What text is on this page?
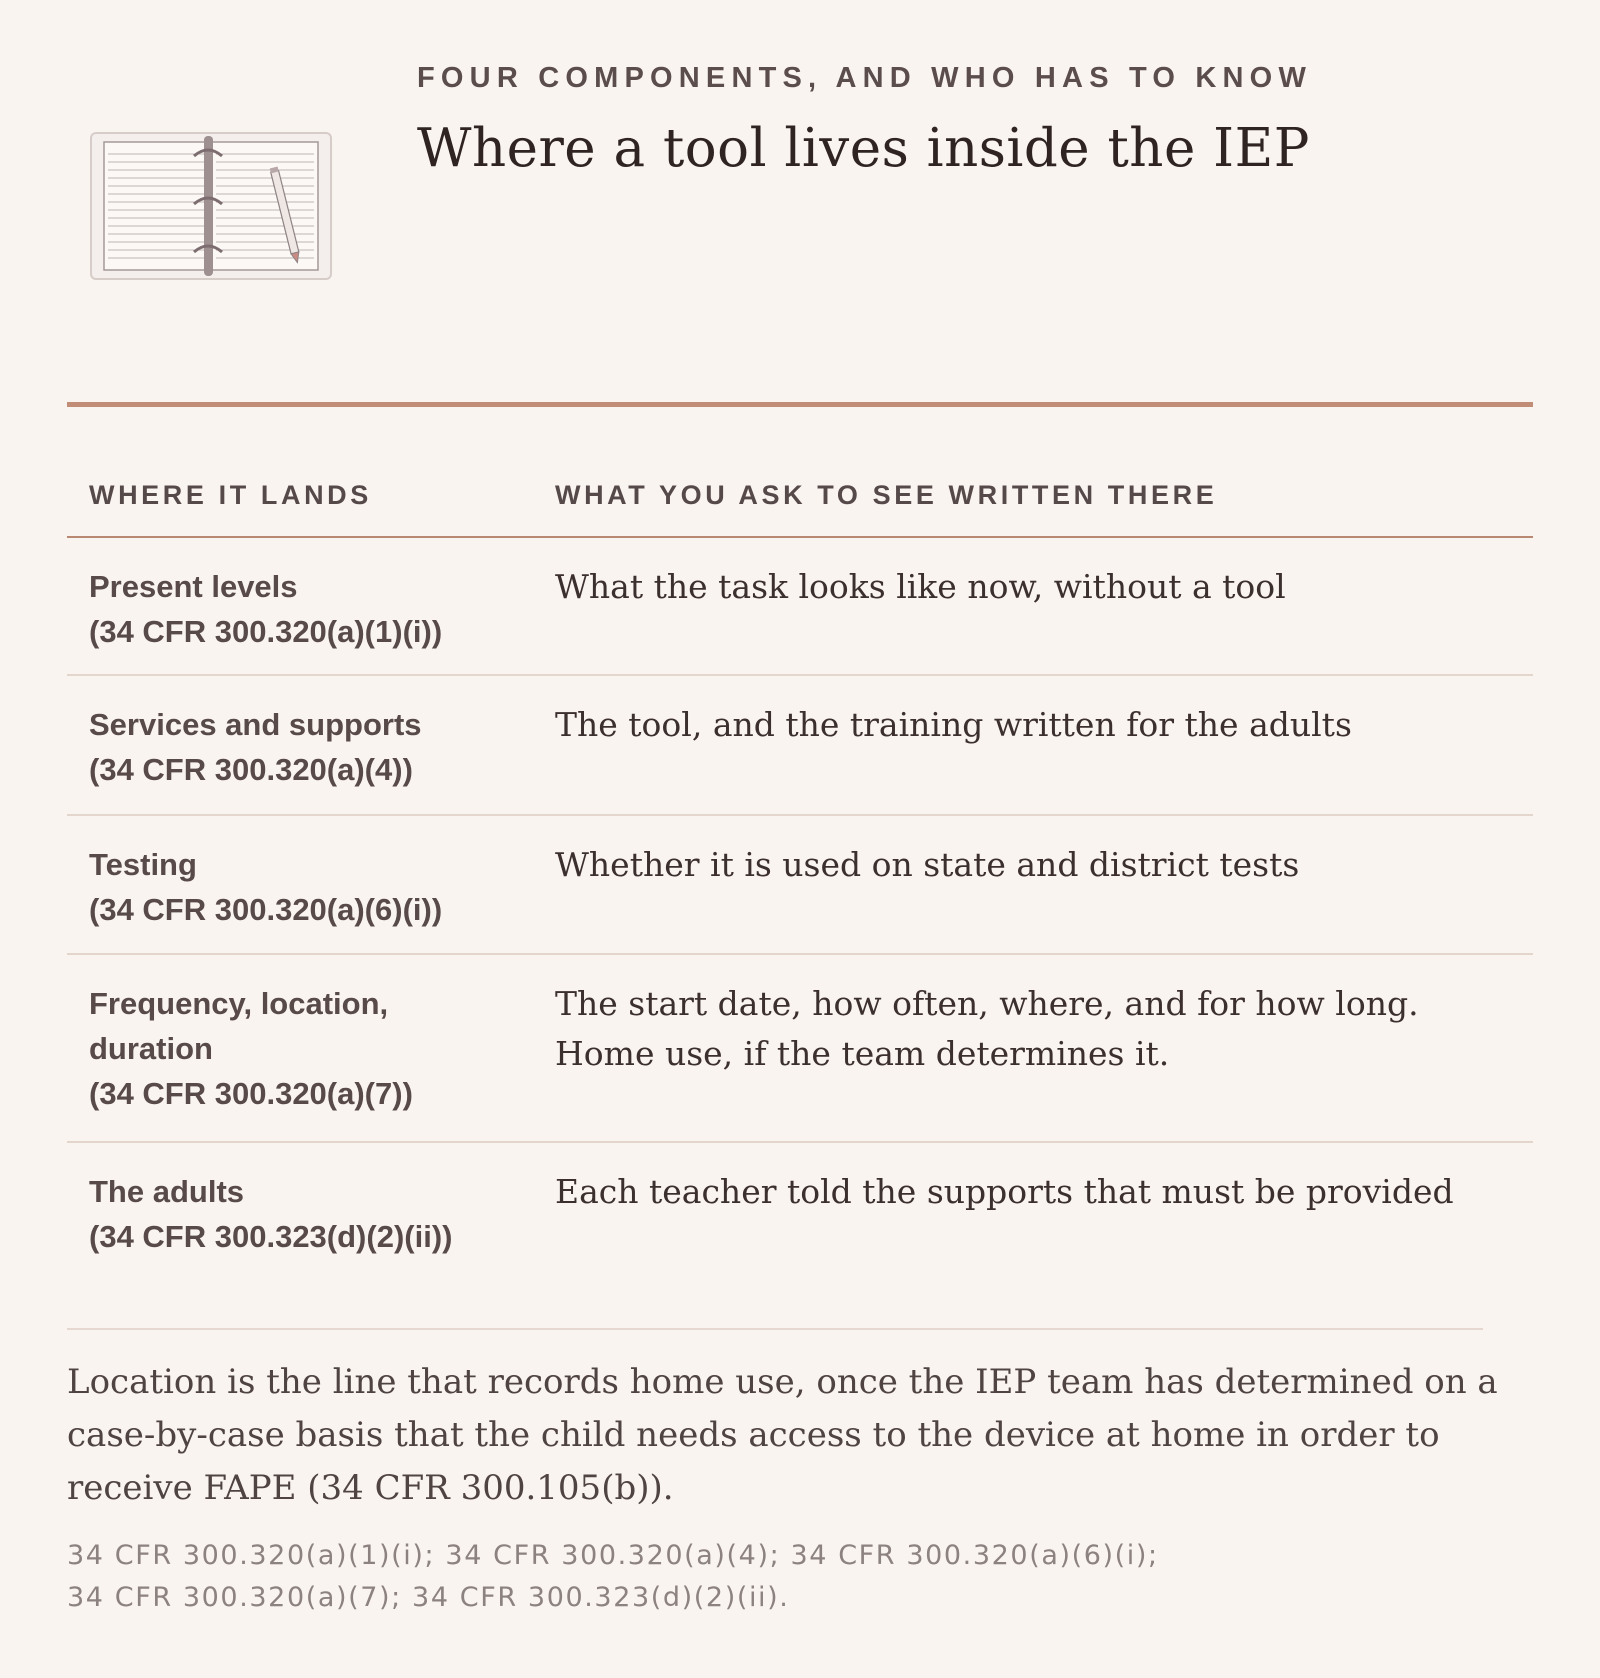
FOUR COMPONENTS, AND WHO HAS TO KNOW
Where a tool lives inside the IEP
WHERE IT LANDS	WHAT YOU ASK TO SEE WRITTEN THERE
Present levels
(34 CFR 300.320(a)(1)(i))
What the task looks like now, without a tool
Services and supports
(34 CFR 300.320(a)(4))
The tool, and the training written for the adults
Testing
(34 CFR 300.320(a)(6)(i))
Whether it is used on state and district tests
Frequency, location, duration
(34 CFR 300.320(a)(7))
The start date, how often, where, and for how long. Home use, if the team determines it.
The adults
(34 CFR 300.323(d)(2)(ii))
Each teacher told the supports that must be provided
Location is the line that records home use, once the IEP team has determined on a case-by-case basis that the child needs access to the device at home in order to receive FAPE (34 CFR 300.105(b)).
34 CFR 300.320(a)(1)(i); 34 CFR 300.320(a)(4); 34 CFR 300.320(a)(6)(i);
34 CFR 300.320(a)(7); 34 CFR 300.323(d)(2)(ii).
